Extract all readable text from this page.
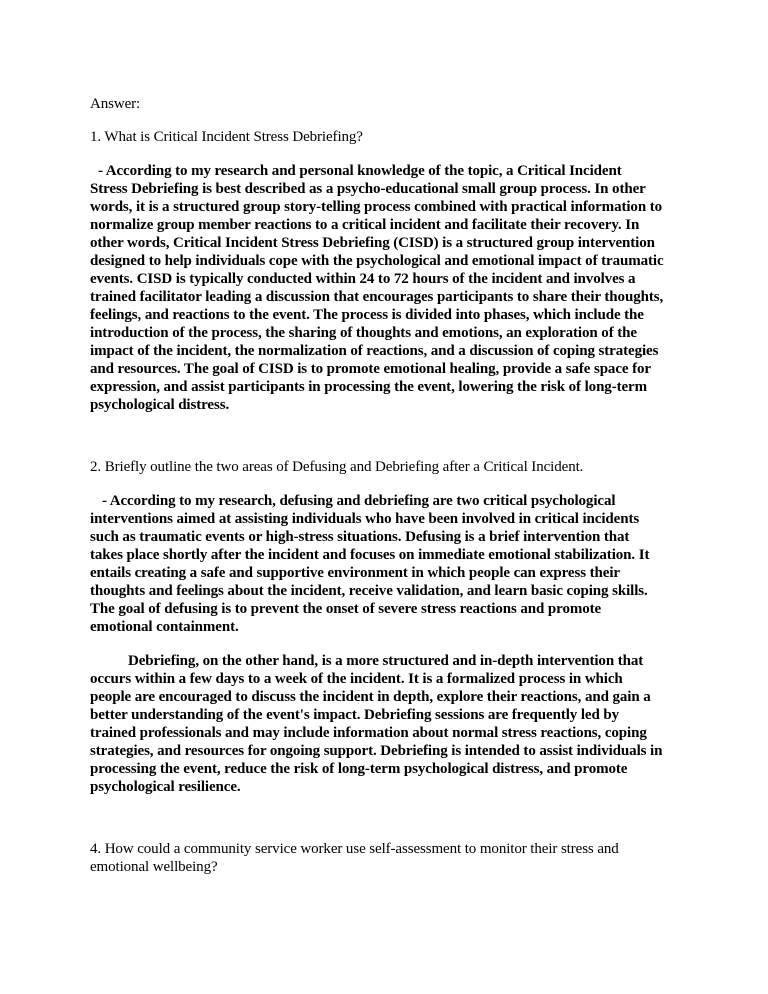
Answer:
1. What is Critical Incident Stress Debriefing?
- According to my research and personal knowledge of the topic, a Critical Incident
Stress Debriefing is best described as a psycho-educational small group process. In other
words, it is a structured group story-telling process combined with practical information to
normalize group member reactions to a critical incident and facilitate their recovery. In
other words, Critical Incident Stress Debriefing (CISD) is a structured group intervention
designed to help individuals cope with the psychological and emotional impact of traumatic
events. CISD is typically conducted within 24 to 72 hours of the incident and involves a
trained facilitator leading a discussion that encourages participants to share their thoughts,
feelings, and reactions to the event. The process is divided into phases, which include the
introduction of the process, the sharing of thoughts and emotions, an exploration of the
impact of the incident, the normalization of reactions, and a discussion of coping strategies
and resources. The goal of CISD is to promote emotional healing, provide a safe space for
expression, and assist participants in processing the event, lowering the risk of long-term
psychological distress.
2. Briefly outline the two areas of Defusing and Debriefing after a Critical Incident.
- According to my research, defusing and debriefing are two critical psychological
interventions aimed at assisting individuals who have been involved in critical incidents
such as traumatic events or high-stress situations. Defusing is a brief intervention that
takes place shortly after the incident and focuses on immediate emotional stabilization. It
entails creating a safe and supportive environment in which people can express their
thoughts and feelings about the incident, receive validation, and learn basic coping skills.
The goal of defusing is to prevent the onset of severe stress reactions and promote
emotional containment.
Debriefing, on the other hand, is a more structured and in-depth intervention that
occurs within a few days to a week of the incident. It is a formalized process in which
people are encouraged to discuss the incident in depth, explore their reactions, and gain a
better understanding of the event's impact. Debriefing sessions are frequently led by
trained professionals and may include information about normal stress reactions, coping
strategies, and resources for ongoing support. Debriefing is intended to assist individuals in
processing the event, reduce the risk of long-term psychological distress, and promote
psychological resilience.
4. How could a community service worker use self-assessment to monitor their stress and
emotional wellbeing?
